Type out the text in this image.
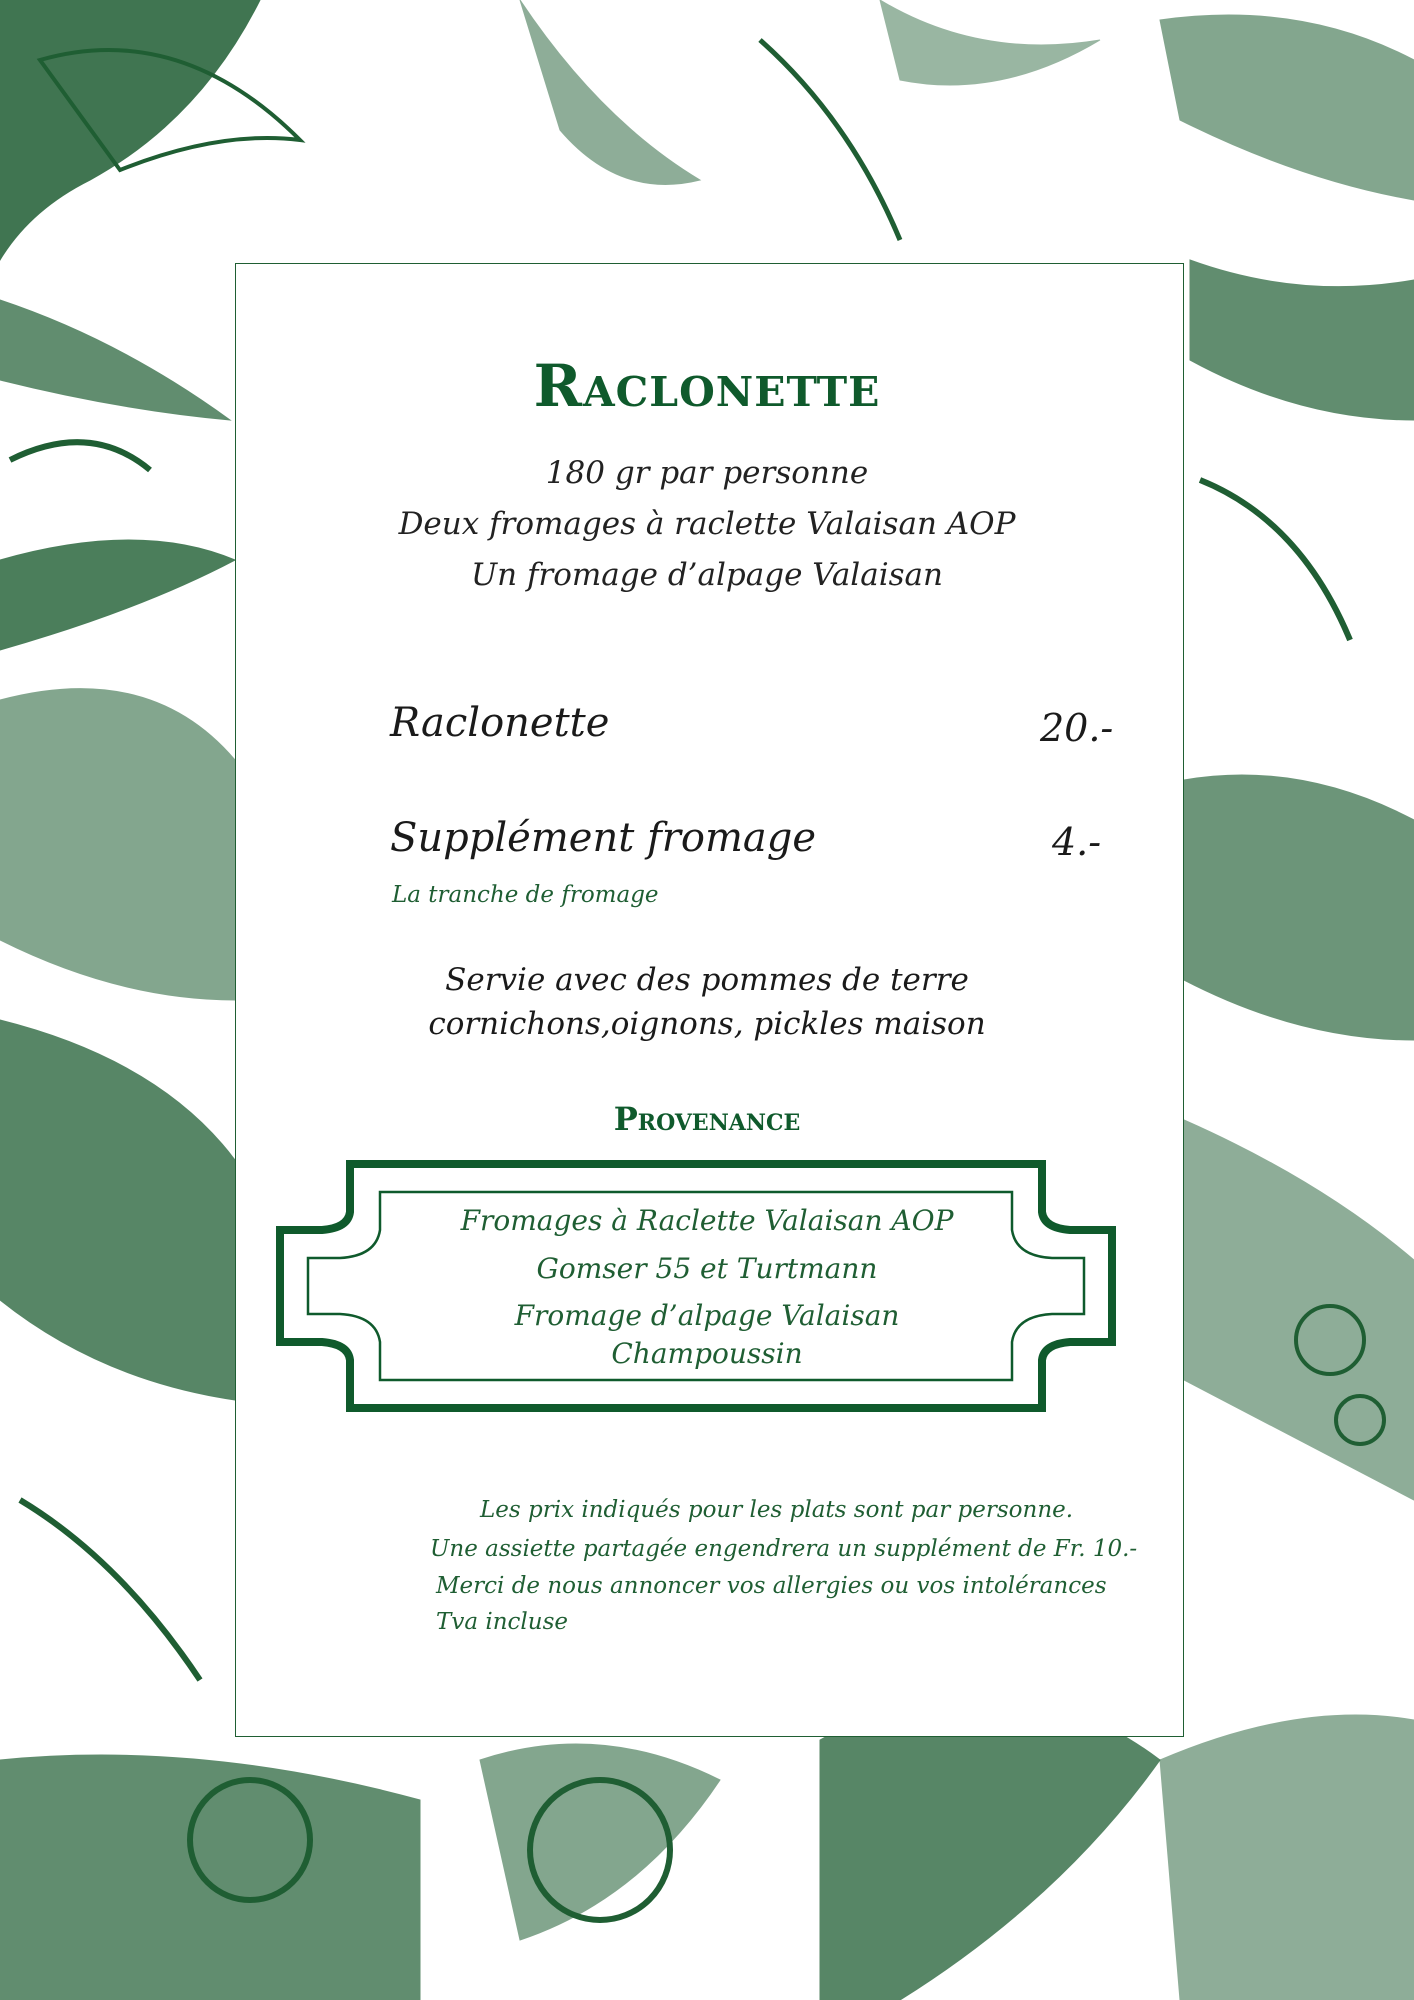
Raclonette

180 gr par personne

Deux fromages à raclette Valaisan AOP

Un fromage d’alpage Valaisan

Raclonette	20.-
Supplément fromage	4.-
La tranche de fromage
Servie avec des pommes de terre
cornichons,oignons, pickles maison
Provenance
Fromages à Raclette Valaisan AOP
Gomser 55 et Turtmann
Fromage d’alpage Valaisan
Champoussin
Les prix indiqués pour les plats sont par personne.
Une assiette partagée engendrera un supplément de Fr. 10.-
Merci de nous annoncer vos allergies ou vos intolérances
Tva incluse
